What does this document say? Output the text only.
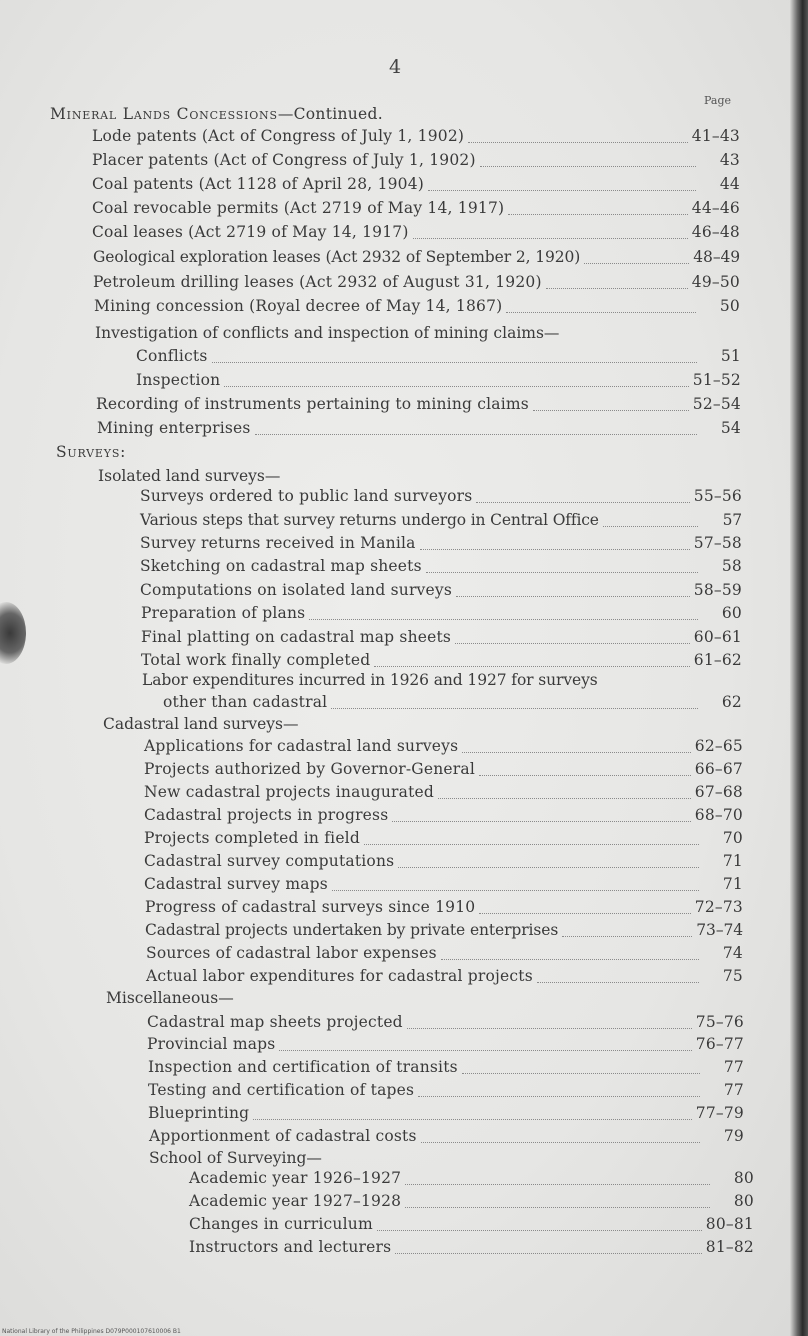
4
Page
Mineral Lands Concessions—Continued.
Lode patents (Act of Congress of July 1, 1902)	41–43
Placer patents (Act of Congress of July 1, 1902)	43
Coal patents (Act 1128 of April 28, 1904)	44
Coal revocable permits (Act 2719 of May 14, 1917)	44–46
Coal leases (Act 2719 of May 14, 1917)	46–48
Geological exploration leases (Act 2932 of September 2, 1920)	48–49
Petroleum drilling leases (Act 2932 of August 31, 1920)	49–50
Mining concession (Royal decree of May 14, 1867)	50
Investigation of conflicts and inspection of mining claims—
Conflicts	51
Inspection	51–52
Recording of instruments pertaining to mining claims	52–54
Mining enterprises	54
Surveys:
Isolated land surveys—
Surveys ordered to public land surveyors	55–56
Various steps that survey returns undergo in Central Office	57
Survey returns received in Manila	57–58
Sketching on cadastral map sheets	58
Computations on isolated land surveys	58–59
Preparation of plans	60
Final platting on cadastral map sheets	60–61
Total work finally completed	61–62
Labor expenditures incurred in 1926 and 1927 for surveys
other than cadastral	62
Cadastral land surveys—
Applications for cadastral land surveys	62–65
Projects authorized by Governor-General	66–67
New cadastral projects inaugurated	67–68
Cadastral projects in progress	68–70
Projects completed in field	70
Cadastral survey computations	71
Cadastral survey maps	71
Progress of cadastral surveys since 1910	72–73
Cadastral projects undertaken by private enterprises	73–74
Sources of cadastral labor expenses	74
Actual labor expenditures for cadastral projects	75
Miscellaneous—
Cadastral map sheets projected	75–76
Provincial maps	76–77
Inspection and certification of transits	77
Testing and certification of tapes	77
Blueprinting	77–79
Apportionment of cadastral costs	79
School of Surveying—
Academic year 1926–1927	80
Academic year 1927–1928	80
Changes in curriculum	80–81
Instructors and lecturers	81–82
National Library of the Philippines D079P000107610006 B1
